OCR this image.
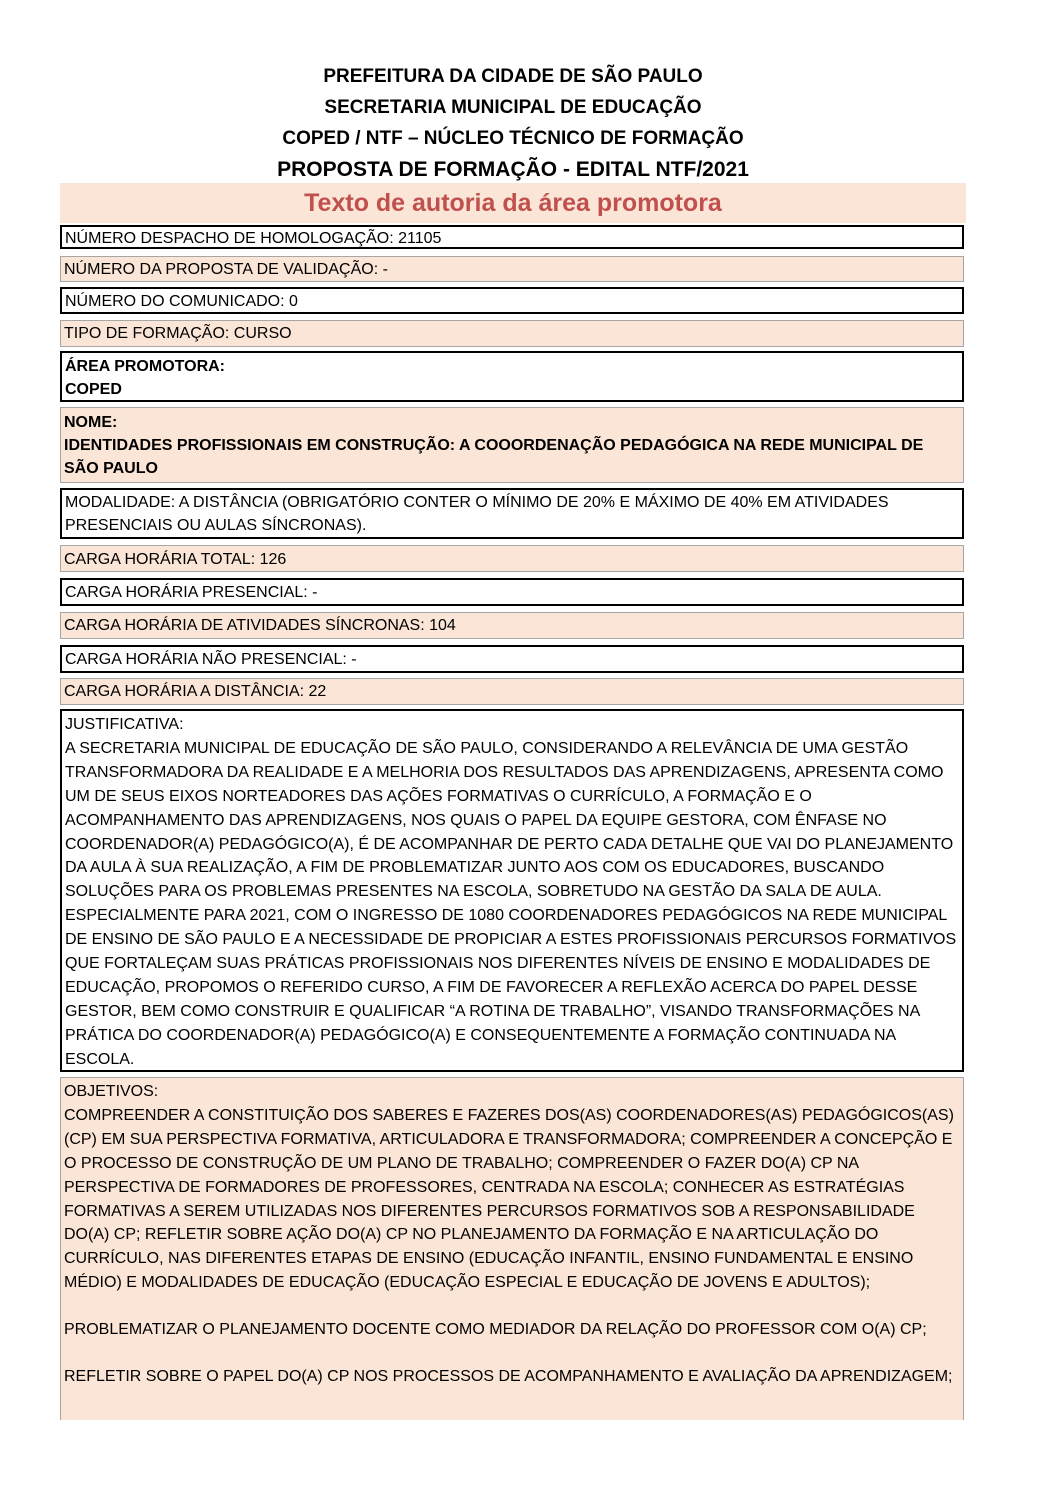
PREFEITURA DA CIDADE DE SÃO PAULO
SECRETARIA MUNICIPAL DE EDUCAÇÃO
COPED / NTF – NÚCLEO TÉCNICO DE FORMAÇÃO
PROPOSTA DE FORMAÇÃO - EDITAL NTF/2021
Texto de autoria da área promotora
NÚMERO DESPACHO DE HOMOLOGAÇÃO: 21105
NÚMERO DA PROPOSTA DE VALIDAÇÃO: -
NÚMERO DO COMUNICADO: 0
TIPO DE FORMAÇÃO: CURSO
ÁREA PROMOTORA:
COPED
NOME:
IDENTIDADES PROFISSIONAIS EM CONSTRUÇÃO: A COOORDENAÇÃO PEDAGÓGICA NA REDE MUNICIPAL DE SÃO PAULO
MODALIDADE: A DISTÂNCIA (OBRIGATÓRIO CONTER O MÍNIMO DE 20% E MÁXIMO DE 40% EM ATIVIDADES PRESENCIAIS OU AULAS SÍNCRONAS).
CARGA HORÁRIA TOTAL: 126
CARGA HORÁRIA PRESENCIAL: -
CARGA HORÁRIA DE ATIVIDADES SÍNCRONAS: 104
CARGA HORÁRIA NÃO PRESENCIAL: -
CARGA HORÁRIA A DISTÂNCIA: 22
JUSTIFICATIVA:
A SECRETARIA MUNICIPAL DE EDUCAÇÃO DE SÃO PAULO, CONSIDERANDO A RELEVÂNCIA DE UMA GESTÃO TRANSFORMADORA DA REALIDADE E A MELHORIA DOS RESULTADOS DAS APRENDIZAGENS, APRESENTA COMO UM DE SEUS EIXOS NORTEADORES DAS AÇÕES FORMATIVAS O CURRÍCULO, A FORMAÇÃO E O ACOMPANHAMENTO DAS APRENDIZAGENS, NOS QUAIS O PAPEL DA EQUIPE GESTORA, COM ÊNFASE NO COORDENADOR(A) PEDAGÓGICO(A), É DE ACOMPANHAR DE PERTO CADA DETALHE QUE VAI DO PLANEJAMENTO DA AULA À SUA REALIZAÇÃO, A FIM DE PROBLEMATIZAR JUNTO AOS COM OS EDUCADORES, BUSCANDO SOLUÇÕES PARA OS PROBLEMAS PRESENTES NA ESCOLA, SOBRETUDO NA GESTÃO DA SALA DE AULA. ESPECIALMENTE PARA 2021, COM O INGRESSO DE 1080 COORDENADORES PEDAGÓGICOS NA REDE MUNICIPAL DE ENSINO DE SÃO PAULO E A NECESSIDADE DE PROPICIAR A ESTES PROFISSIONAIS PERCURSOS FORMATIVOS QUE FORTALEÇAM SUAS PRÁTICAS PROFISSIONAIS NOS DIFERENTES NÍVEIS DE ENSINO E MODALIDADES DE EDUCAÇÃO, PROPOMOS O REFERIDO CURSO, A FIM DE FAVORECER A REFLEXÃO ACERCA DO PAPEL DESSE GESTOR, BEM COMO CONSTRUIR E QUALIFICAR “A ROTINA DE TRABALHO”, VISANDO TRANSFORMAÇÕES NA PRÁTICA DO COORDENADOR(A) PEDAGÓGICO(A) E CONSEQUENTEMENTE A FORMAÇÃO CONTINUADA NA ESCOLA.
OBJETIVOS:
COMPREENDER A CONSTITUIÇÃO DOS SABERES E FAZERES DOS(AS) COORDENADORES(AS) PEDAGÓGICOS(AS) (CP) EM SUA PERSPECTIVA FORMATIVA, ARTICULADORA E TRANSFORMADORA; COMPREENDER A CONCEPÇÃO E O PROCESSO DE CONSTRUÇÃO DE UM PLANO DE TRABALHO; COMPREENDER O FAZER DO(A) CP NA PERSPECTIVA DE FORMADORES DE PROFESSORES, CENTRADA NA ESCOLA; CONHECER AS ESTRATÉGIAS FORMATIVAS A SEREM UTILIZADAS NOS DIFERENTES PERCURSOS FORMATIVOS SOB A RESPONSABILIDADE DO(A) CP; REFLETIR SOBRE AÇÃO DO(A) CP NO PLANEJAMENTO DA FORMAÇÃO E NA ARTICULAÇÃO DO CURRÍCULO, NAS DIFERENTES ETAPAS DE ENSINO (EDUCAÇÃO INFANTIL, ENSINO FUNDAMENTAL E ENSINO MÉDIO) E MODALIDADES DE EDUCAÇÃO (EDUCAÇÃO ESPECIAL E EDUCAÇÃO DE JOVENS E ADULTOS);
PROBLEMATIZAR O PLANEJAMENTO DOCENTE COMO MEDIADOR DA RELAÇÃO DO PROFESSOR COM O(A) CP;
REFLETIR SOBRE O PAPEL DO(A) CP NOS PROCESSOS DE ACOMPANHAMENTO E AVALIAÇÃO DA APRENDIZAGEM;
